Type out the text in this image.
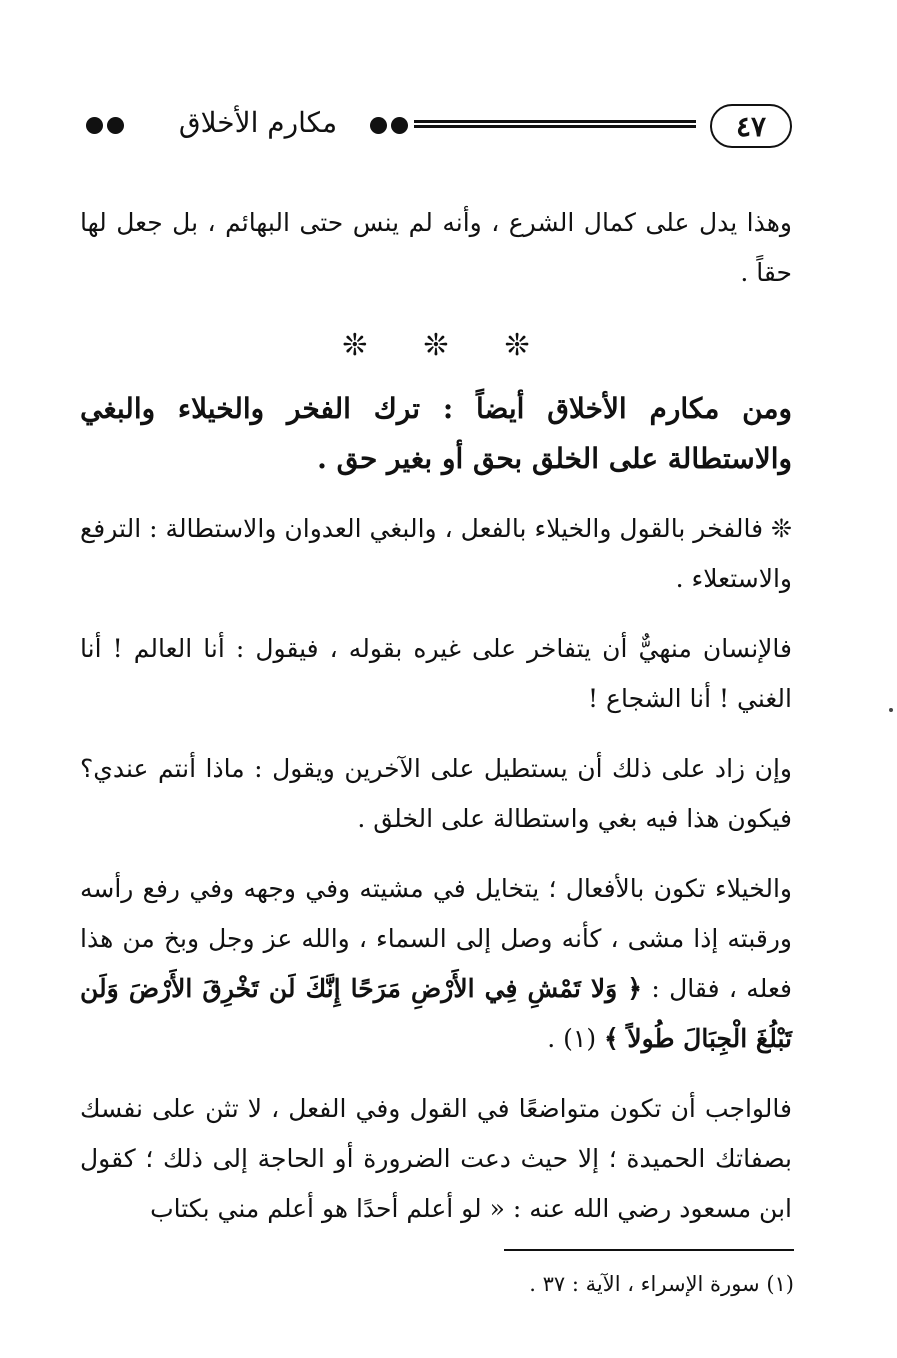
٤٧
مكارم الأخلاق

وهذا يدل على كمال الشرع ، وأنه لم ينس حتى البهائم ، بل جعل لها حقاً .

❊❊❊

ومن مكارم الأخلاق أيضاً : ترك الفخر والخيلاء والبغي والاستطالة على الخلق بحق أو بغير حق .

❊ فالفخر بالقول والخيلاء بالفعل ، والبغي العدوان والاستطالة : الترفع والاستعلاء .

فالإنسان منهيٌّ أن يتفاخر على غيره بقوله ، فيقول : أنا العالم ! أنا الغني ! أنا الشجاع !

وإن زاد على ذلك أن يستطيل على الآخرين ويقول : ماذا أنتم عندي؟ فيكون هذا فيه بغي واستطالة على الخلق .

والخيلاء تكون بالأفعال ؛ يتخايل في مشيته وفي وجهه وفي رفع رأسه ورقبته إذا مشى ، كأنه وصل إلى السماء ، والله عز وجل وبخ من هذا فعله ، فقال : ﴿ وَلا تَمْشِ فِي الأَرْضِ مَرَحًا إِنَّكَ لَن تَخْرِقَ الأَرْضَ وَلَن تَبْلُغَ الْجِبَالَ طُولاً ﴾ (١) .

فالواجب أن تكون متواضعًا في القول وفي الفعل ، لا تثن على نفسك بصفاتك الحميدة ؛ إلا حيث دعت الضرورة أو الحاجة إلى ذلك ؛ كقول ابن مسعود رضي الله عنه : « لو أعلم أحدًا هو أعلم مني بكتاب

(١) سورة الإسراء ، الآية : ٣٧ .
